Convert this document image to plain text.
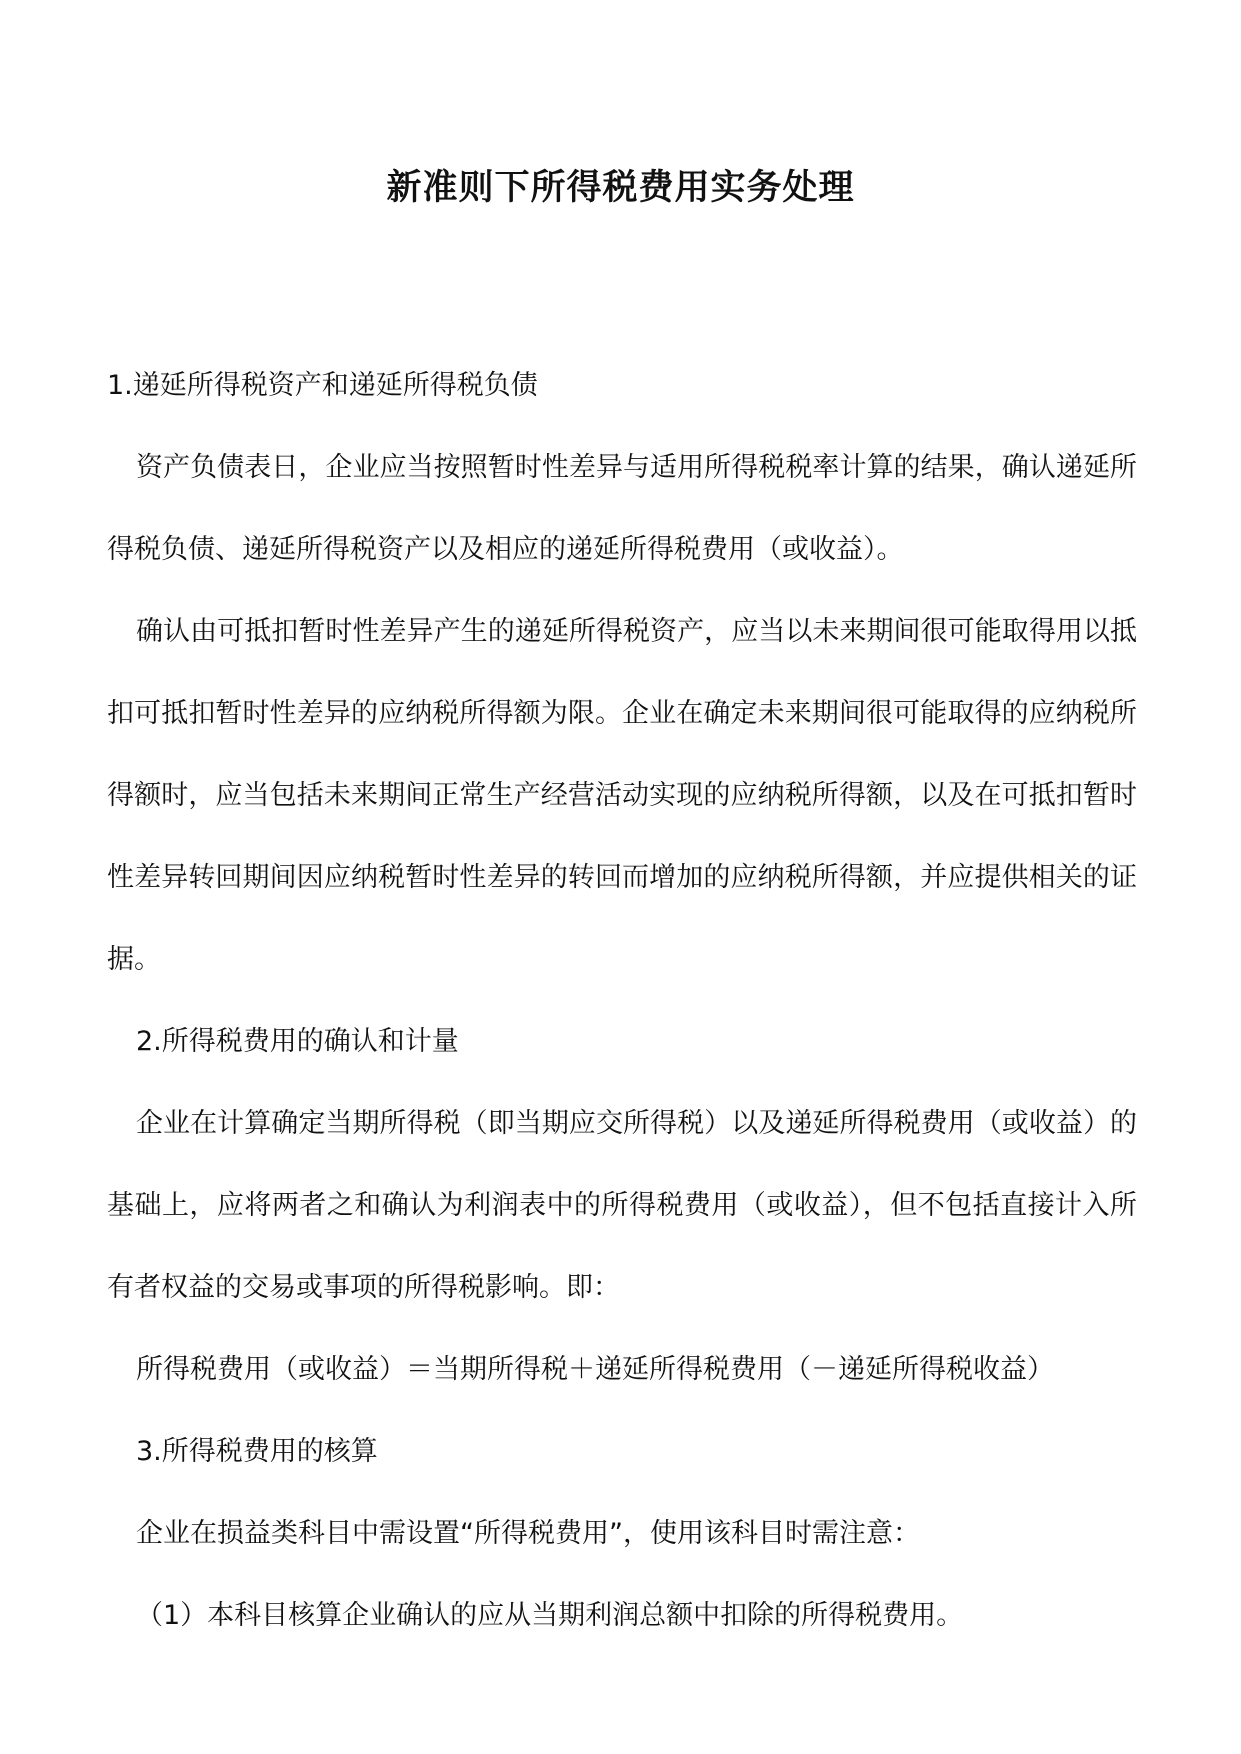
新准则下所得税费用实务处理

1.递延所得税资产和递延所得税负债

资产负债表日，企业应当按照暂时性差异与适用所得税税率计算的结果，确认递延所得税负债、递延所得税资产以及相应的递延所得税费用（或收益）。

确认由可抵扣暂时性差异产生的递延所得税资产，应当以未来期间很可能取得用以抵扣可抵扣暂时性差异的应纳税所得额为限。企业在确定未来期间很可能取得的应纳税所得额时，应当包括未来期间正常生产经营活动实现的应纳税所得额，以及在可抵扣暂时性差异转回期间因应纳税暂时性差异的转回而增加的应纳税所得额，并应提供相关的证据。

2.所得税费用的确认和计量

企业在计算确定当期所得税（即当期应交所得税）以及递延所得税费用（或收益）的基础上，应将两者之和确认为利润表中的所得税费用（或收益），但不包括直接计入所有者权益的交易或事项的所得税影响。即：

所得税费用（或收益）＝当期所得税＋递延所得税费用（－递延所得税收益）

3.所得税费用的核算

企业在损益类科目中需设置“所得税费用”，使用该科目时需注意：

（1）本科目核算企业确认的应从当期利润总额中扣除的所得税费用。
